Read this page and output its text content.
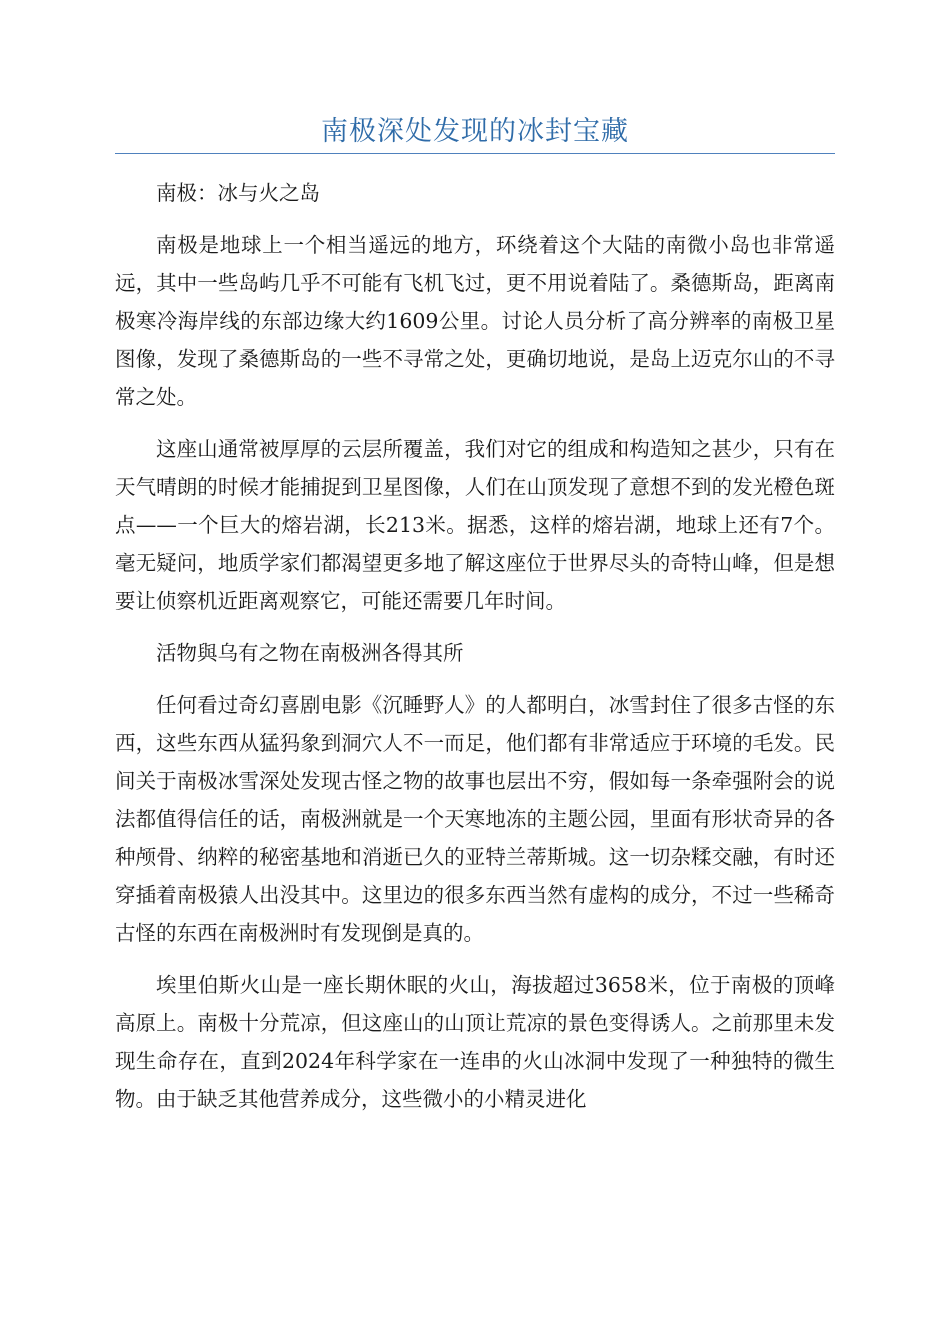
南极深处发现的冰封宝藏

南极：冰与火之岛

南极是地球上一个相当遥远的地方，环绕着这个大陆的南微小岛也非常遥远，其中一些岛屿几乎不可能有飞机飞过，更不用说着陆了。桑德斯岛，距离南极寒冷海岸线的东部边缘大约1609公里。讨论人员分析了高分辨率的南极卫星图像，发现了桑德斯岛的一些不寻常之处，更确切地说，是岛上迈克尔山的不寻常之处。

这座山通常被厚厚的云层所覆盖，我们对它的组成和构造知之甚少，只有在天气晴朗的时候才能捕捉到卫星图像，人们在山顶发现了意想不到的发光橙色斑点——一个巨大的熔岩湖，长213米。据悉，这样的熔岩湖，地球上还有7个。毫无疑问，地质学家们都渴望更多地了解这座位于世界尽头的奇特山峰，但是想要让侦察机近距离观察它，可能还需要几年时间。

活物與乌有之物在南极洲各得其所

任何看过奇幻喜剧电影《沉睡野人》的人都明白，冰雪封住了很多古怪的东西，这些东西从猛犸象到洞穴人不一而足，他们都有非常适应于环境的毛发。民间关于南极冰雪深处发现古怪之物的故事也层出不穷，假如每一条牵强附会的说法都值得信任的话，南极洲就是一个天寒地冻的主题公园，里面有形状奇异的各种颅骨、纳粹的秘密基地和消逝已久的亚特兰蒂斯城。这一切杂糅交融，有时还穿插着南极猿人出没其中。这里边的很多东西当然有虚构的成分，不过一些稀奇古怪的东西在南极洲时有发现倒是真的。

埃里伯斯火山是一座长期休眠的火山，海拔超过3658米，位于南极的顶峰高原上。南极十分荒凉，但这座山的山顶让荒凉的景色变得诱人。之前那里未发现生命存在，直到2024年科学家在一连串的火山冰洞中发现了一种独特的微生物。由于缺乏其他营养成分，这些微小的小精灵进化
